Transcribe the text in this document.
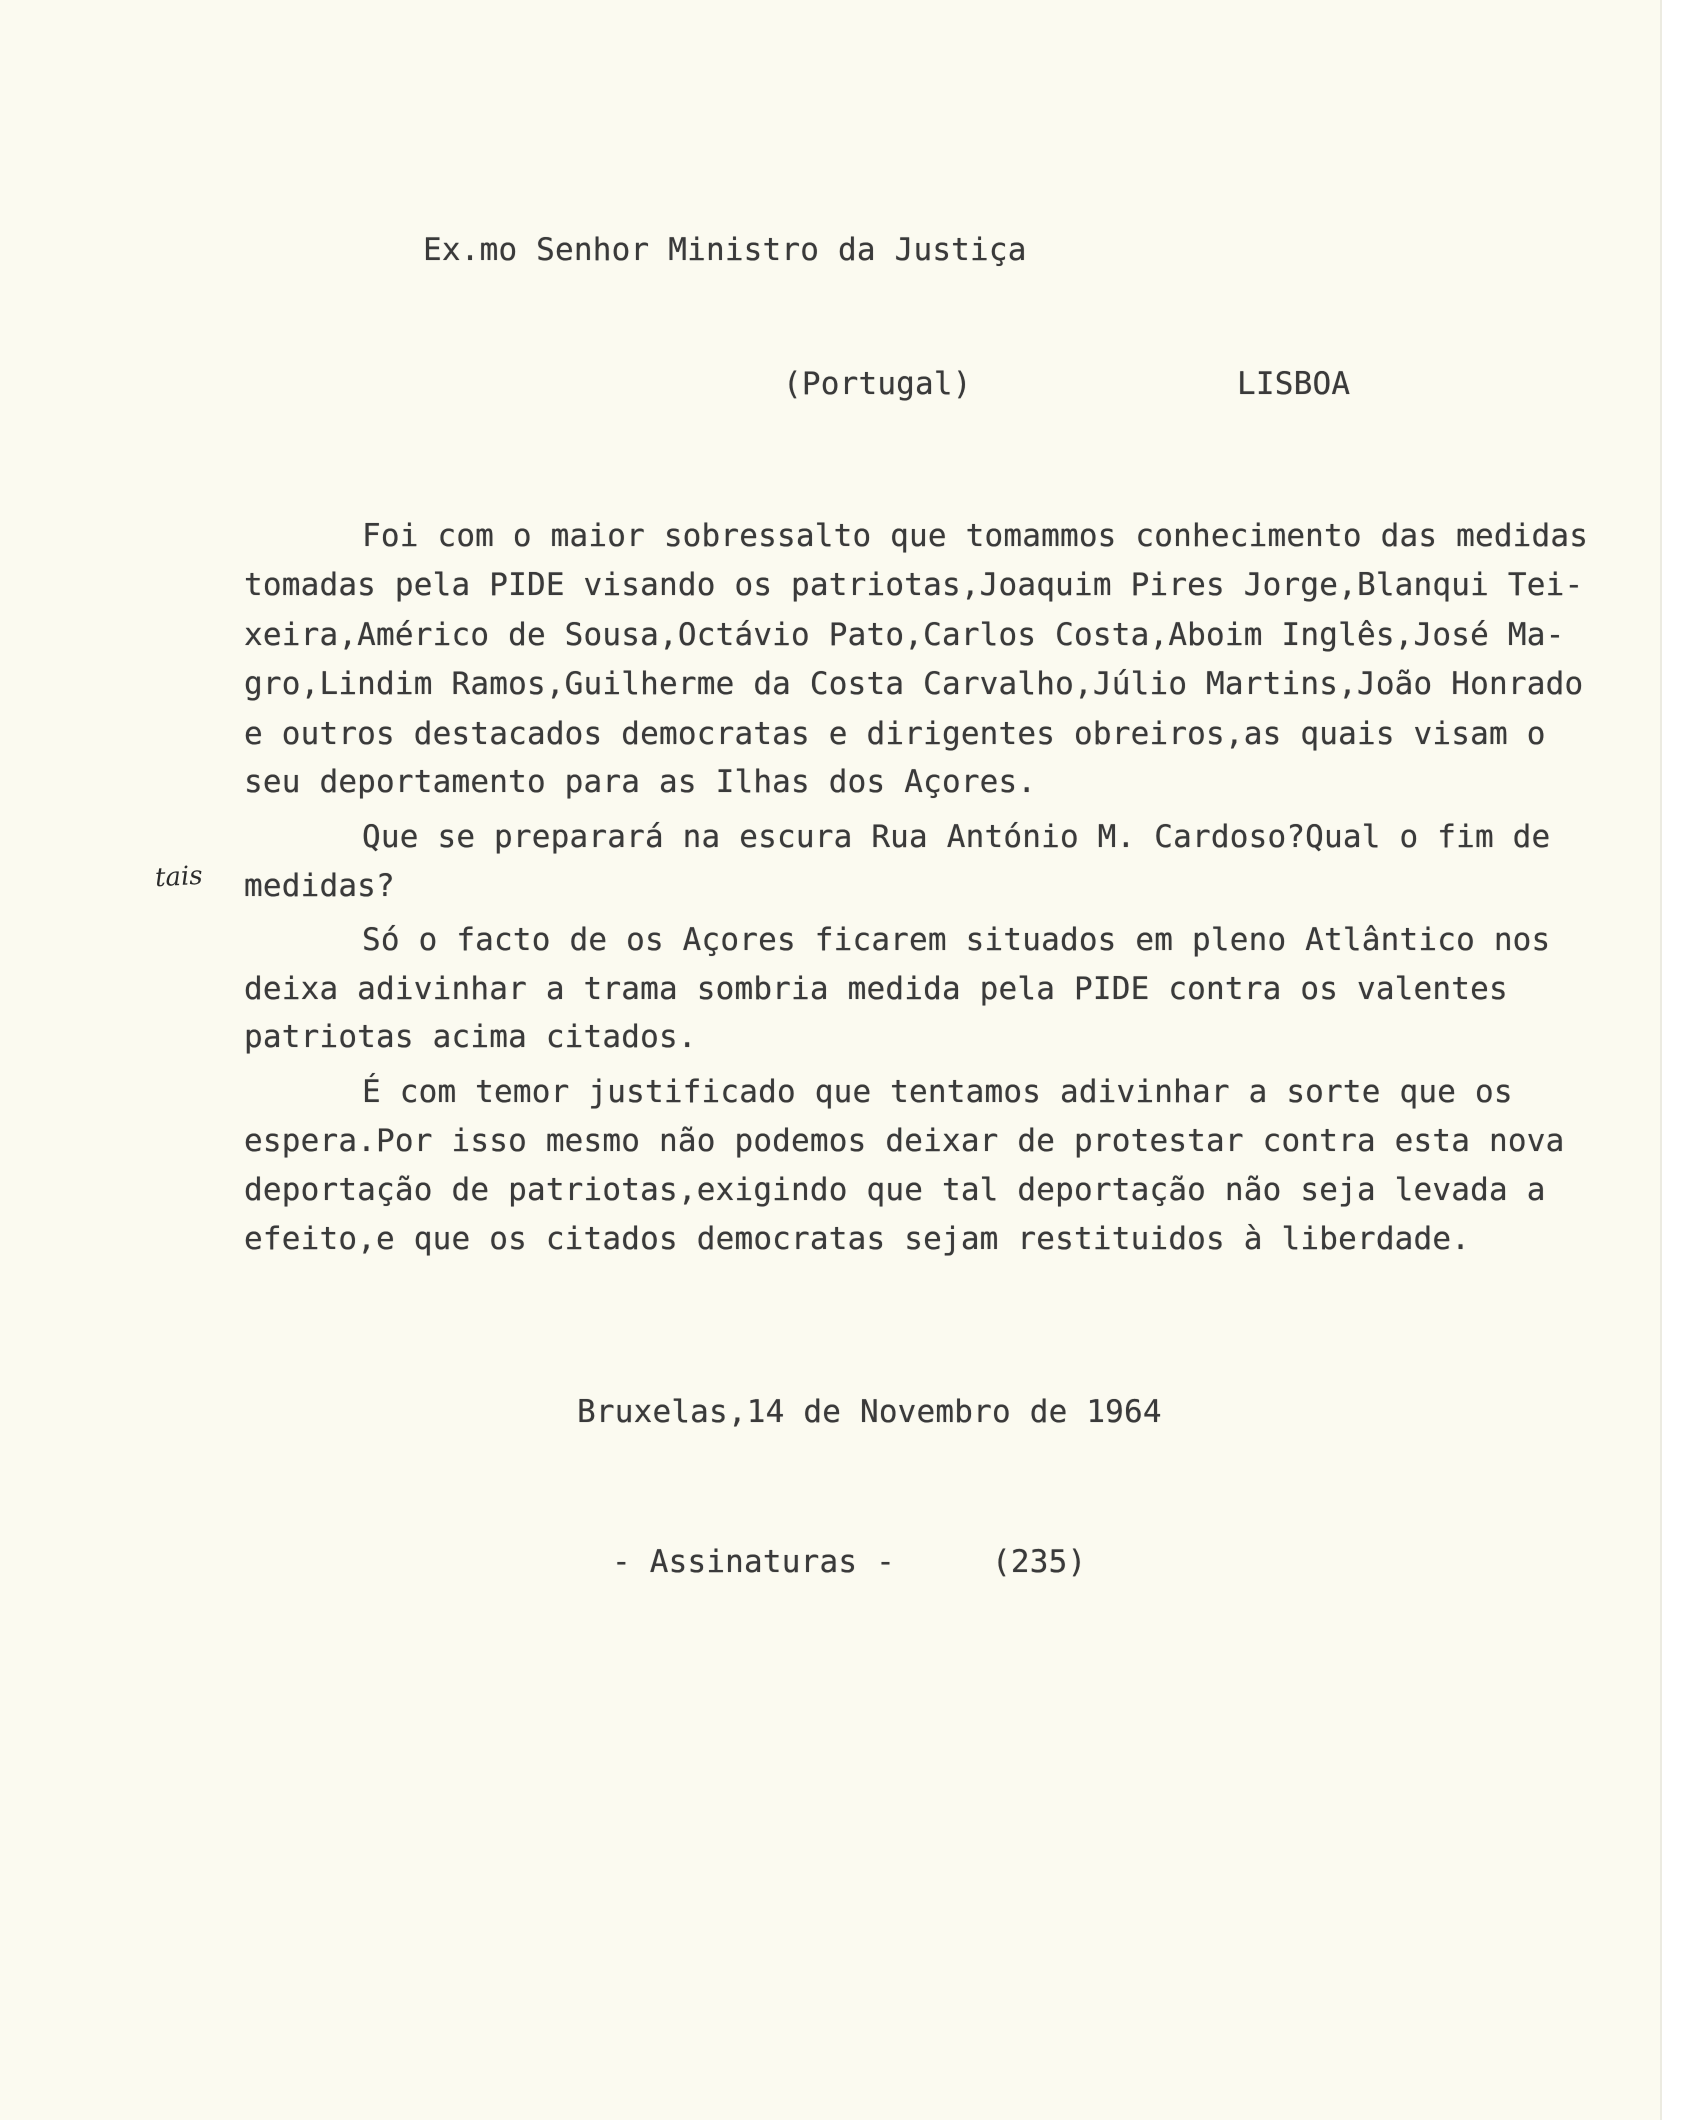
Ex.mo Senhor Ministro da Justiça
(Portugal)	LISBOA
Foi com o maior sobressalto que tomammos conhecimento das medidas
tomadas pela PIDE visando os patriotas,Joaquim Pires Jorge,Blanqui Tei-
xeira,Américo de Sousa,Octávio Pato,Carlos Costa,Aboim Inglês,José Ma-
gro,Lindim Ramos,Guilherme da Costa Carvalho,Júlio Martins,João Honrado
e outros destacados democratas e dirigentes obreiros,as quais visam o
seu deportamento para as Ilhas dos Açores.
Que se preparará na escura Rua António M. Cardoso?Qual o fim de
medidas?
Só o facto de os Açores ficarem situados em pleno Atlântico nos
deixa adivinhar a trama sombria medida pela PIDE contra os valentes
patriotas acima citados.
É com temor justificado que tentamos adivinhar a sorte que os
espera.Por isso mesmo não podemos deixar de protestar contra esta nova
deportação de patriotas,exigindo que tal deportação não seja levada a
efeito,e que os citados democratas sejam restituidos à liberdade.
tais
Bruxelas,14 de Novembro de 1964
- Assinaturas -	(235)
